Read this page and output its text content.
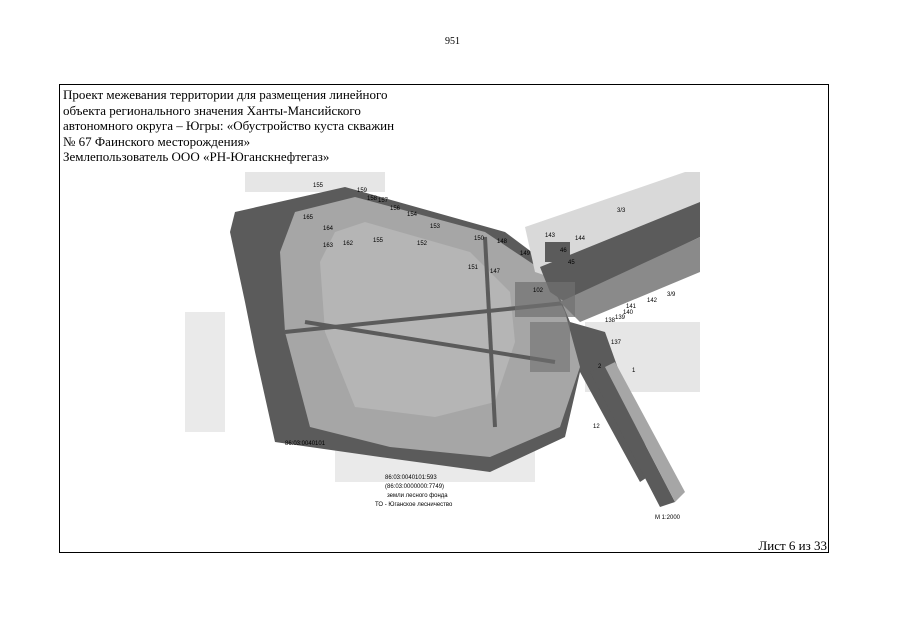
951
Проект межевания территории для размещения линейного
объекта регионального значения Ханты-Мансийского
автономного округа – Югры: «Обустройство куста скважин
№ 67 Фаинского месторождения»
Землепользователь ООО «РН-Юганскнефтегаз»
155
159
158 157
156
154
153
165
164
163 162	155	152
150 148
143	144
149
151
147
3/3
3/9
142
102
141
140
139
138
137
12
1
2
46
45
86:03:0040101
86:03:0040101:593
(86:03:0000000:7749)
земли лесного фонда
ТО - Юганское лесничество
М 1:2000
Лист 6 из 33
